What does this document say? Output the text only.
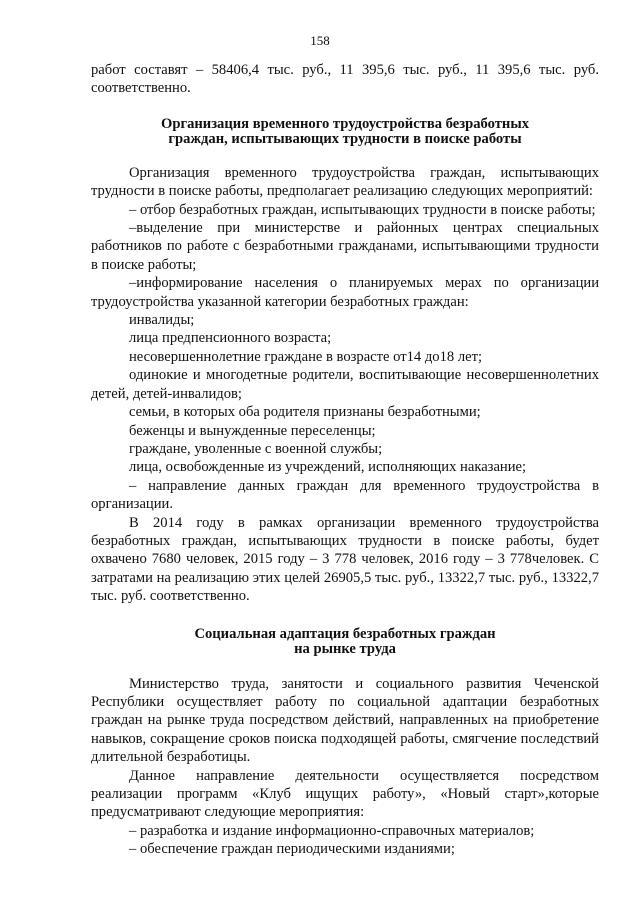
158

работ составят – 58406,4 тыс. руб., 11 395,6 тыс. руб., 11 395,6 тыс. руб. соответственно.

Организация временного трудоустройства безработных
граждан, испытывающих трудности в поиске работы

Организация временного трудоустройства граждан, испытывающих трудности в поиске работы, предполагает реализацию следующих мероприятий:

– отбор безработных граждан, испытывающих трудности в поиске работы;

–выделение при министерстве и районных центрах специальных работников по работе с безработными гражданами, испытывающими трудности в поиске работы;

–информирование населения о планируемых мерах по организации трудоустройства указанной категории безработных граждан:

инвалиды;

лица предпенсионного возраста;

несовершеннолетние граждане в возрасте от14 до18 лет;

одинокие и многодетные родители, воспитывающие несовершеннолетних детей, детей-инвалидов;

семьи, в которых оба родителя признаны безработными;

беженцы и вынужденные переселенцы;

граждане, уволенные с военной службы;

лица, освобожденные из учреждений, исполняющих наказание;

– направление данных граждан для временного трудоустройства в организации.

В 2014 году в рамках организации временного трудоустройства безработных граждан, испытывающих трудности в поиске работы, будет охвачено 7680 человек, 2015 году – 3 778 человек, 2016 году – 3 778человек. С затратами на реализацию этих целей 26905,5 тыс. руб., 13322,7 тыс. руб., 13322,7 тыс. руб. соответственно.

Социальная адаптация безработных граждан
на рынке труда

Министерство труда, занятости и социального развития Чеченской Республики осуществляет работу по социальной адаптации безработных граждан на рынке труда посредством действий, направленных на приобретение навыков, сокращение сроков поиска подходящей работы, смягчение последствий длительной безработицы.

Данное направление деятельности осуществляется посредством реализации программ «Клуб ищущих работу», «Новый старт»,которые предусматривают следующие мероприятия:

– разработка и издание информационно-справочных материалов;

– обеспечение граждан периодическими изданиями;
